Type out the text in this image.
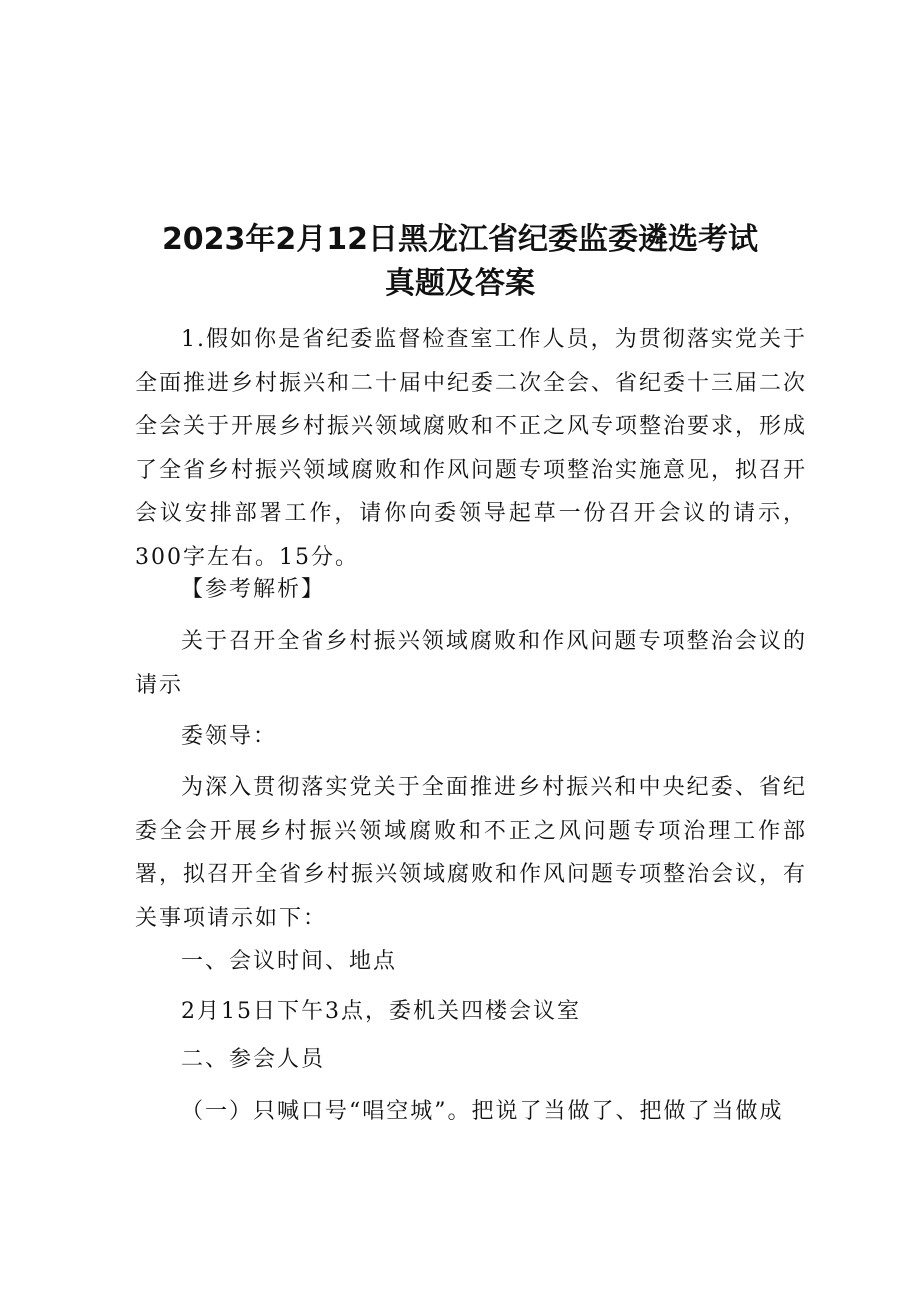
2023年2月12日黑龙江省纪委监委遴选考试
真题及答案
1.假如你是省纪委监督检查室工作人员，为贯彻落实党关于全面推进乡村振兴和二十届中纪委二次全会、省纪委十三届二次全会关于开展乡村振兴领域腐败和不正之风专项整治要求，形成了全省乡村振兴领域腐败和作风问题专项整治实施意见，拟召开会议安排部署工作，请你向委领导起草一份召开会议的请示，300字左右。15分。
【参考解析】
关于召开全省乡村振兴领域腐败和作风问题专项整治会议的请示
委领导：
为深入贯彻落实党关于全面推进乡村振兴和中央纪委、省纪委全会开展乡村振兴领域腐败和不正之风问题专项治理工作部署，拟召开全省乡村振兴领域腐败和作风问题专项整治会议，有关事项请示如下：
一、会议时间、地点
2月15日下午3点，委机关四楼会议室
二、参会人员
（一）只喊口号“唱空城”。把说了当做了、把做了当做成
